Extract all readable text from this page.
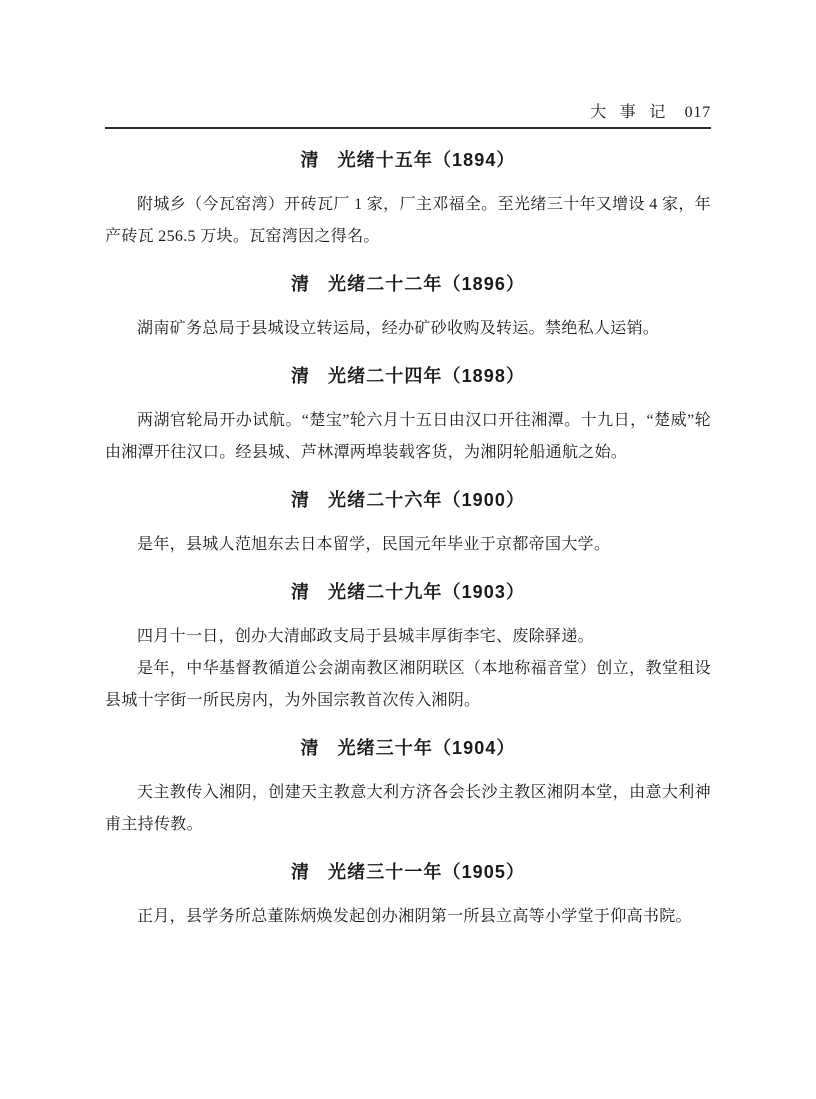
大事记 017
清 光绪十五年（1894）

附城乡（今瓦窑湾）开砖瓦厂 1 家，厂主邓福全。至光绪三十年又增设 4 家，年产砖瓦 256.5 万块。瓦窑湾因之得名。

清 光绪二十二年（1896）

湖南矿务总局于县城设立转运局，经办矿砂收购及转运。禁绝私人运销。

清 光绪二十四年（1898）

两湖官轮局开办试航。“楚宝”轮六月十五日由汉口开往湘潭。十九日，“楚威”轮由湘潭开往汉口。经县城、芦林潭两埠装载客货，为湘阴轮船通航之始。

清 光绪二十六年（1900）

是年，县城人范旭东去日本留学，民国元年毕业于京都帝国大学。

清 光绪二十九年（1903）

四月十一日，创办大清邮政支局于县城丰厚街李宅、废除驿递。

是年，中华基督教循道公会湖南教区湘阴联区（本地称福音堂）创立，教堂租设县城十字街一所民房内，为外国宗教首次传入湘阴。

清 光绪三十年（1904）

天主教传入湘阴，创建天主教意大利方济各会长沙主教区湘阴本堂，由意大利神甫主持传教。

清 光绪三十一年（1905）

正月，县学务所总董陈炳焕发起创办湘阴第一所县立高等小学堂于仰高书院。
